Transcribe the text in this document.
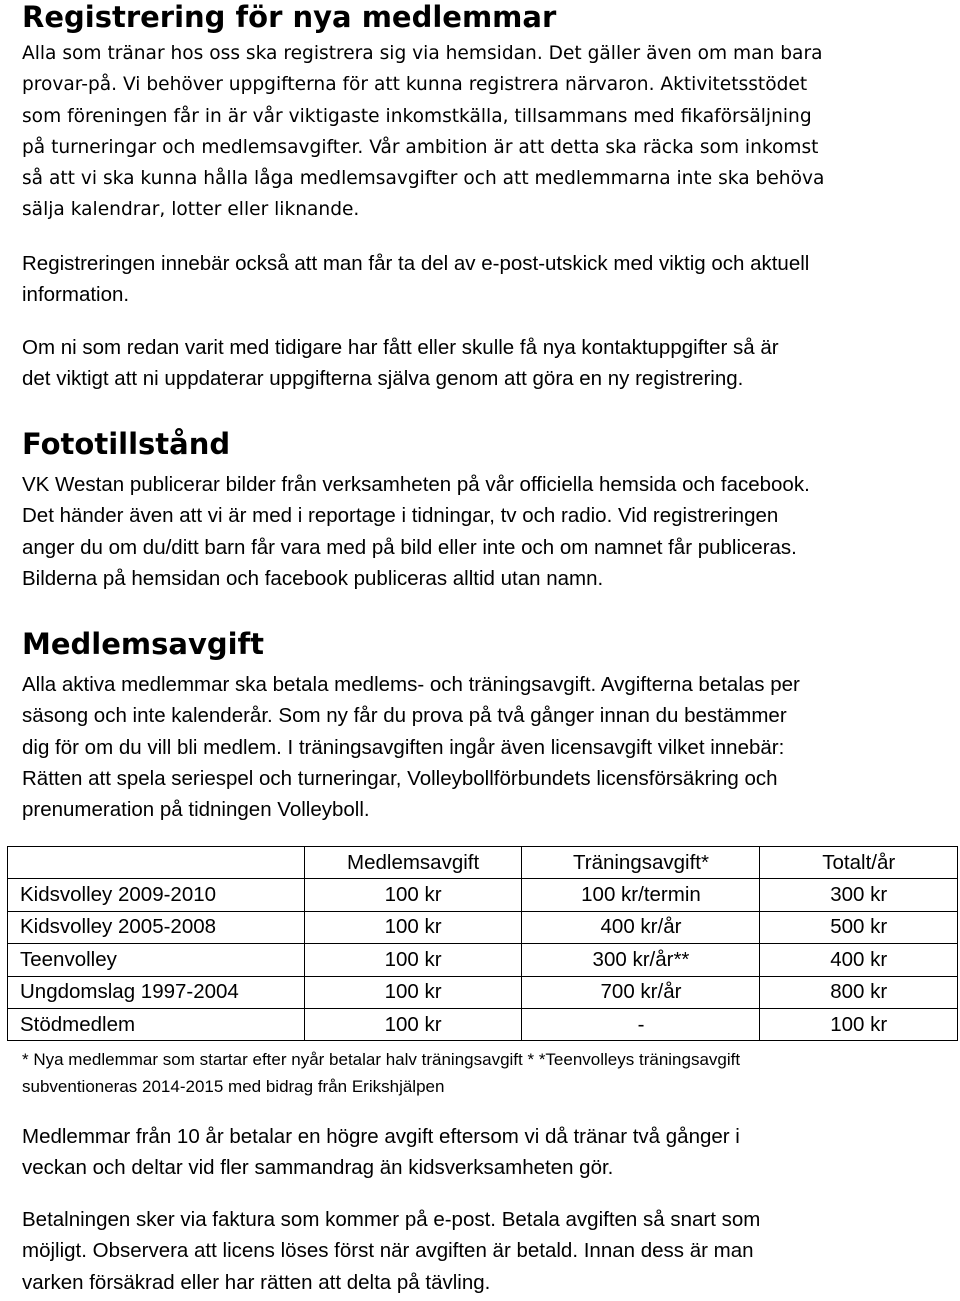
Registrering för nya medlemmar
Alla som tränar hos oss ska registrera sig via hemsidan. Det gäller även om man bara
provar-på. Vi behöver uppgifterna för att kunna registrera närvaron. Aktivitetsstödet
som föreningen får in är vår viktigaste inkomstkälla, tillsammans med fikaförsäljning
på turneringar och medlemsavgifter. Vår ambition är att detta ska räcka som inkomst
så att vi ska kunna hålla låga medlemsavgifter och att medlemmarna inte ska behöva
sälja kalendrar, lotter eller liknande.
Registreringen innebär också att man får ta del av e-post-utskick med viktig och aktuell
information.
Om ni som redan varit med tidigare har fått eller skulle få nya kontaktuppgifter så är
det viktigt att ni uppdaterar uppgifterna själva genom att göra en ny registrering.
Fototillstånd
VK Westan publicerar bilder från verksamheten på vår officiella hemsida och facebook.
Det händer även att vi är med i reportage i tidningar, tv och radio. Vid registreringen
anger du om du/ditt barn får vara med på bild eller inte och om namnet får publiceras.
Bilderna på hemsidan och facebook publiceras alltid utan namn.
Medlemsavgift
Alla aktiva medlemmar ska betala medlems- och träningsavgift. Avgifterna betalas per
säsong och inte kalenderår. Som ny får du prova på två gånger innan du bestämmer
dig för om du vill bli medlem. I träningsavgiften ingår även licensavgift vilket innebär:
Rätten att spela seriespel och turneringar, Volleybollförbundets licensförsäkring och
prenumeration på tidningen Volleyboll.
	Medlemsavgift	Träningsavgift*	Totalt/år
Kidsvolley 2009-2010	100 kr	100 kr/termin	300 kr
Kidsvolley 2005-2008	100 kr	400 kr/år	500 kr
Teenvolley	100 kr	300 kr/år**	400 kr
Ungdomslag 1997-2004	100 kr	700 kr/år	800 kr
Stödmedlem	100 kr	-	100 kr
* Nya medlemmar som startar efter nyår betalar halv träningsavgift * *Teenvolleys träningsavgift
subventioneras 2014-2015 med bidrag från Erikshjälpen
Medlemmar från 10 år betalar en högre avgift eftersom vi då tränar två gånger i
veckan och deltar vid fler sammandrag än kidsverksamheten gör.
Betalningen sker via faktura som kommer på e-post. Betala avgiften så snart som
möjligt. Observera att licens löses först när avgiften är betald. Innan dess är man
varken försäkrad eller har rätten att delta på tävling.
